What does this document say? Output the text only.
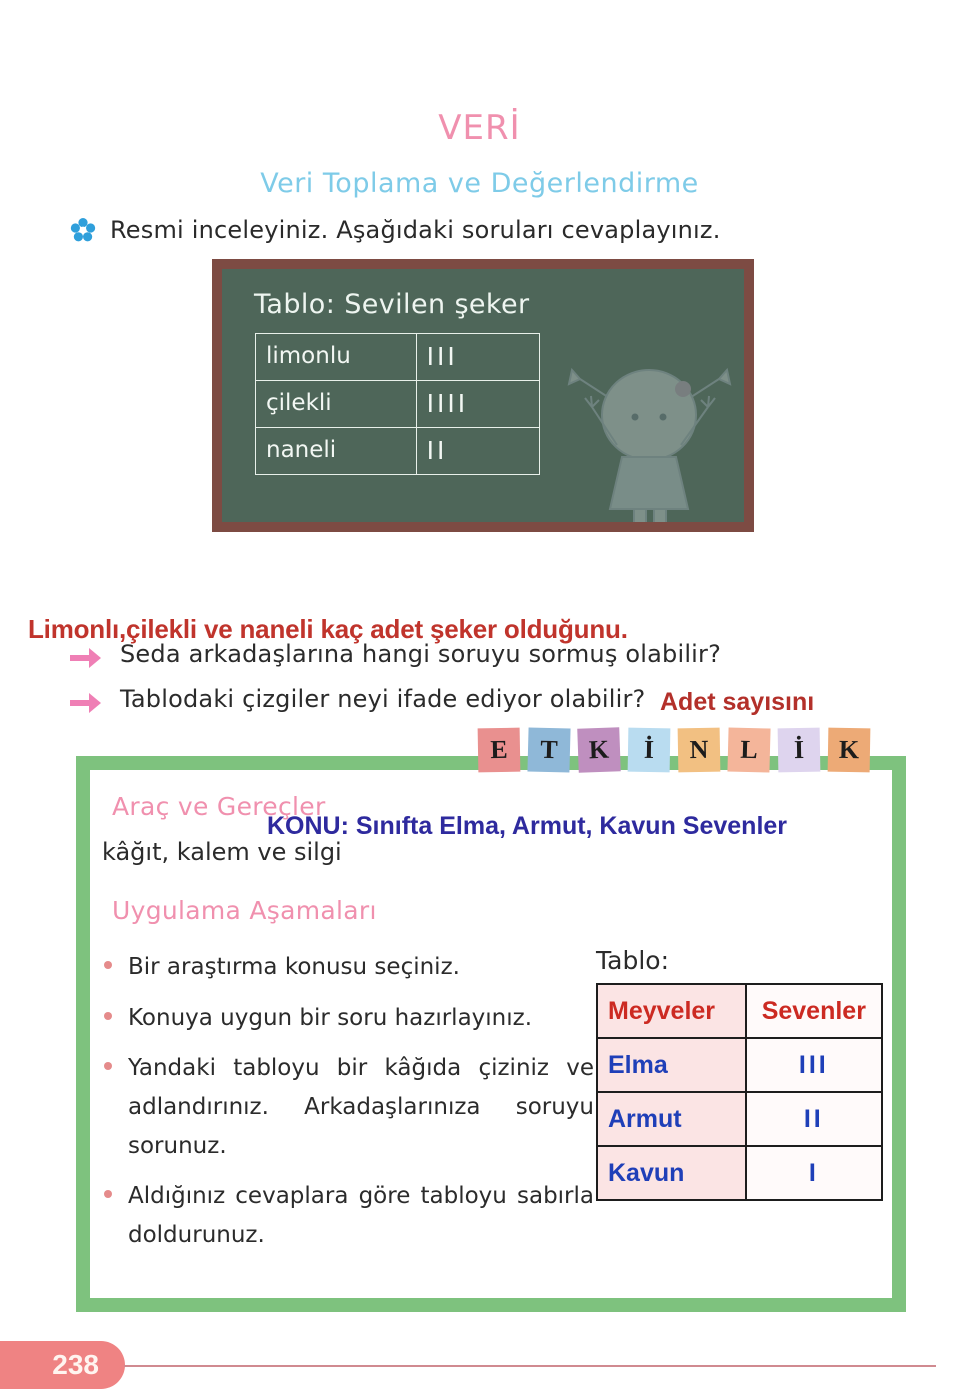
VERİ
Veri Toplama ve Değerlendirme
Resmi inceleyiniz. Aşağıdaki soruları cevaplayınız.
Tablo: Sevilen şeker
limonlu	III
çilekli	IIII
naneli	II
Limonlı,çilekli ve naneli kaç adet şeker olduğunu.
Seda arkadaşlarına hangi soruyu sormuş olabilir?
Tablodaki çizgiler neyi ifade ediyor olabilir? Adet sayısını
Araç ve Gereçler
kâğıt, kalem ve silgi
KONU: Sınıfta Elma, Armut, Kavun Sevenler
Uygulama Aşamaları
Bir araştırma konusu seçiniz.
Konuya uygun bir soru hazırlayınız.
Yandaki tabloyu bir kâğıda çiziniz ve adlandırınız. Arkadaşlarınıza soruyu sorunuz.
Aldığınız cevaplara göre tabloyu sabırla doldurunuz.
Tablo:
Meyveler	Sevenler
Elma	III
Armut	II
Kavun	I
E	T	K	İ	N	L	İ	K
238
